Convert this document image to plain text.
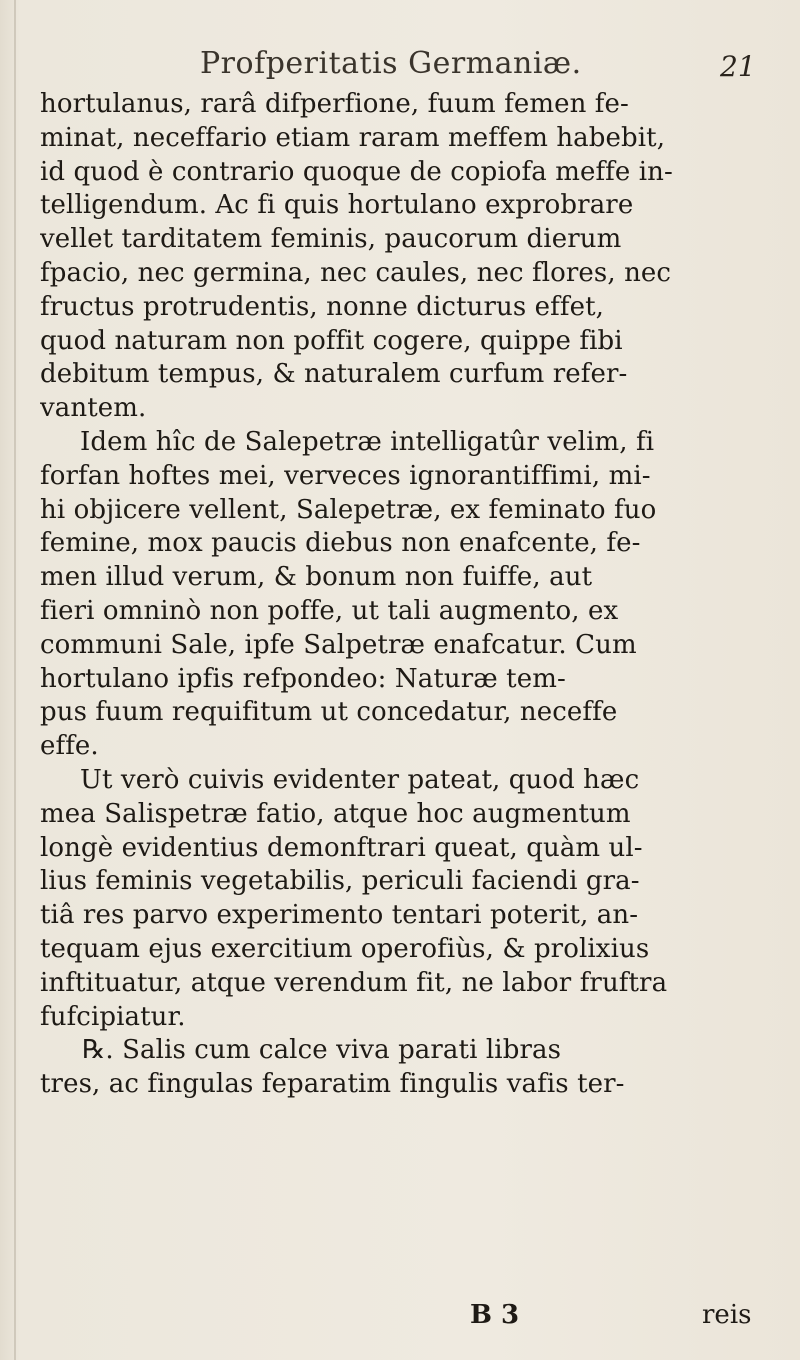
Profperitatis Germaniæ.	21
hortulanus, rarâ difperfione, fuum femen fe-
minat, neceffario etiam raram meffem habebit,
id quod è contrario quoque de copiofa meffe in-
telligendum. Ac fi quis hortulano exprobrare
vellet tarditatem feminis, paucorum dierum
fpacio, nec germina, nec caules, nec flores, nec
fructus protrudentis, nonne dicturus effet,
quod naturam non poffit cogere, quippe fibi
debitum tempus, & naturalem curfum refer-
vantem.
Idem hîc de Salepetræ intelligatûr velim, fi
forfan hoftes mei, verveces ignorantiffimi, mi-
hi objicere vellent, Salepetræ, ex feminato fuo
femine, mox paucis diebus non enafcente, fe-
men illud verum, & bonum non fuiffe, aut
fieri omninò non poffe, ut tali augmento, ex
communi Sale, ipfe Salpetræ enafcatur. Cum
hortulano ipfis refpondeo: Naturæ tem-
pus fuum requifitum ut concedatur, neceffe
effe.
Ut verò cuivis evidenter pateat, quod hæc
mea Salispetræ fatio, atque hoc augmentum
longè evidentius demonftrari queat, quàm ul-
lius feminis vegetabilis, periculi faciendi gra-
tiâ res parvo experimento tentari poterit, an-
tequam ejus exercitium operofiùs, & prolixius
inftituatur, atque verendum fit, ne labor fruftra
fufcipiatur.
℞. Salis cum calce viva parati libras
tres, ac fingulas feparatim fingulis vafis ter-
B 3	reis
